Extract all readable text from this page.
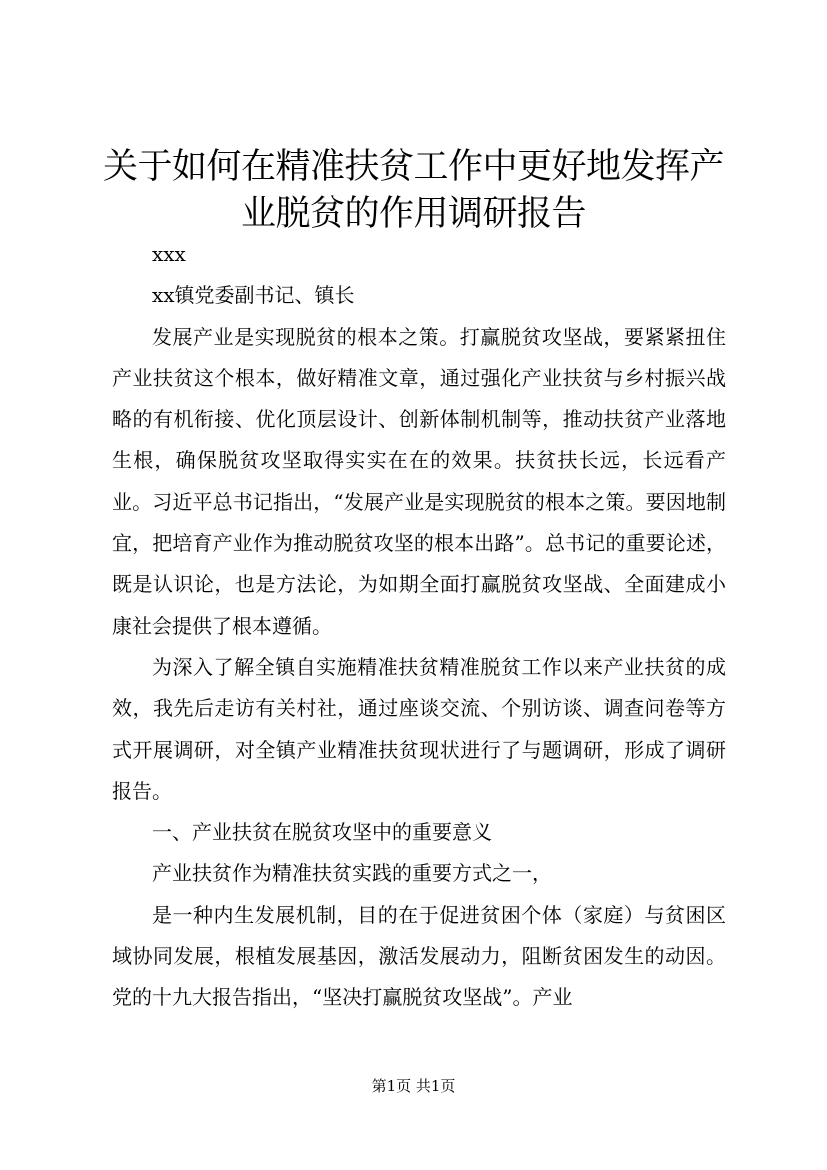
关于如何在精准扶贫工作中更好地发挥产业脱贫的作用调研报告

xxx

xx镇党委副书记、镇长

发展产业是实现脱贫的根本之策。打赢脱贫攻坚战，要紧紧扭住产业扶贫这个根本，做好精准文章，通过强化产业扶贫与乡村振兴战略的有机衔接、优化顶层设计、创新体制机制等，推动扶贫产业落地生根，确保脱贫攻坚取得实实在在的效果。扶贫扶长远，长远看产业。习近平总书记指出，“发展产业是实现脱贫的根本之策。要因地制宜，把培育产业作为推动脱贫攻坚的根本出路”。总书记的重要论述，既是认识论，也是方法论，为如期全面打赢脱贫攻坚战、全面建成小康社会提供了根本遵循。

为深入了解全镇自实施精准扶贫精准脱贫工作以来产业扶贫的成效，我先后走访有关村社，通过座谈交流、个别访谈、调查问卷等方式开展调研，对全镇产业精准扶贫现状进行了与题调研，形成了调研报告。

一、产业扶贫在脱贫攻坚中的重要意义

产业扶贫作为精准扶贫实践的重要方式之一，

是一种内生发展机制，目的在于促进贫困个体（家庭）与贫困区域协同发展，根植发展基因，激活发展动力，阻断贫困发生的动因。党的十九大报告指出，“坚决打赢脱贫攻坚战”。产业

第1页 共1页
